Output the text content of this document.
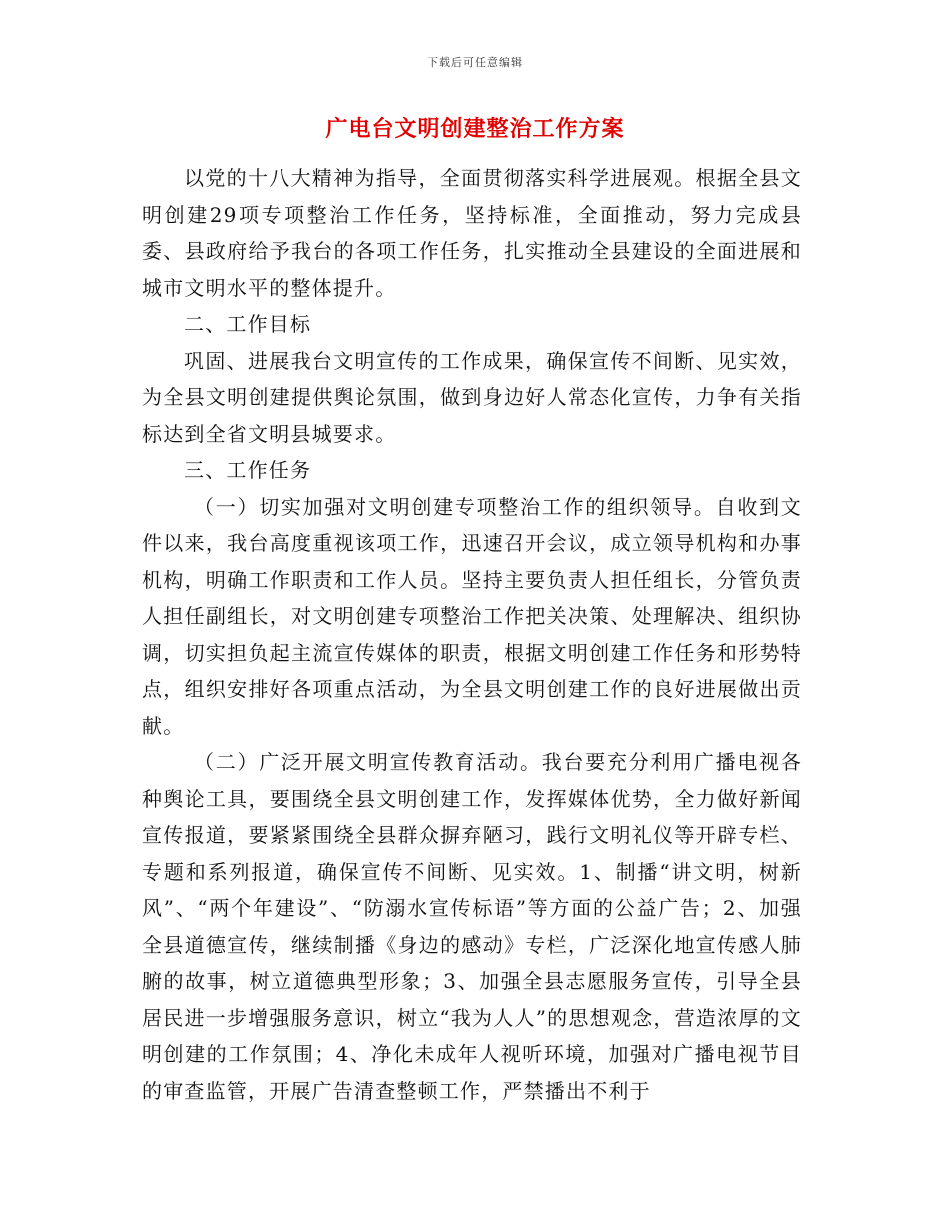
下载后可任意编辑
广电台文明创建整治工作方案

以党的十八大精神为指导，全面贯彻落实科学进展观。根据全县文明创建29项专项整治工作任务，坚持标准，全面推动，努力完成县委、县政府给予我台的各项工作任务，扎实推动全县建设的全面进展和城市文明水平的整体提升。

二、工作目标

巩固、进展我台文明宣传的工作成果，确保宣传不间断、见实效，为全县文明创建提供舆论氛围，做到身边好人常态化宣传，力争有关指标达到全省文明县城要求。

三、工作任务

（一）切实加强对文明创建专项整治工作的组织领导。自收到文件以来，我台高度重视该项工作，迅速召开会议，成立领导机构和办事机构，明确工作职责和工作人员。坚持主要负责人担任组长，分管负责人担任副组长，对文明创建专项整治工作把关决策、处理解决、组织协调，切实担负起主流宣传媒体的职责，根据文明创建工作任务和形势特点，组织安排好各项重点活动，为全县文明创建工作的良好进展做出贡献。

（二）广泛开展文明宣传教育活动。我台要充分利用广播电视各种舆论工具，要围绕全县文明创建工作，发挥媒体优势，全力做好新闻宣传报道，要紧紧围绕全县群众摒弃陋习，践行文明礼仪等开辟专栏、专题和系列报道，确保宣传不间断、见实效。1、制播“讲文明，树新风”、“两个年建设”、“防溺水宣传标语”等方面的公益广告；2、加强全县道德宣传，继续制播《身边的感动》专栏，广泛深化地宣传感人肺腑的故事，树立道德典型形象；3、加强全县志愿服务宣传，引导全县居民进一步增强服务意识，树立“我为人人”的思想观念，营造浓厚的文明创建的工作氛围；4、净化未成年人视听环境，加强对广播电视节目的审查监管，开展广告清查整顿工作，严禁播出不利于
